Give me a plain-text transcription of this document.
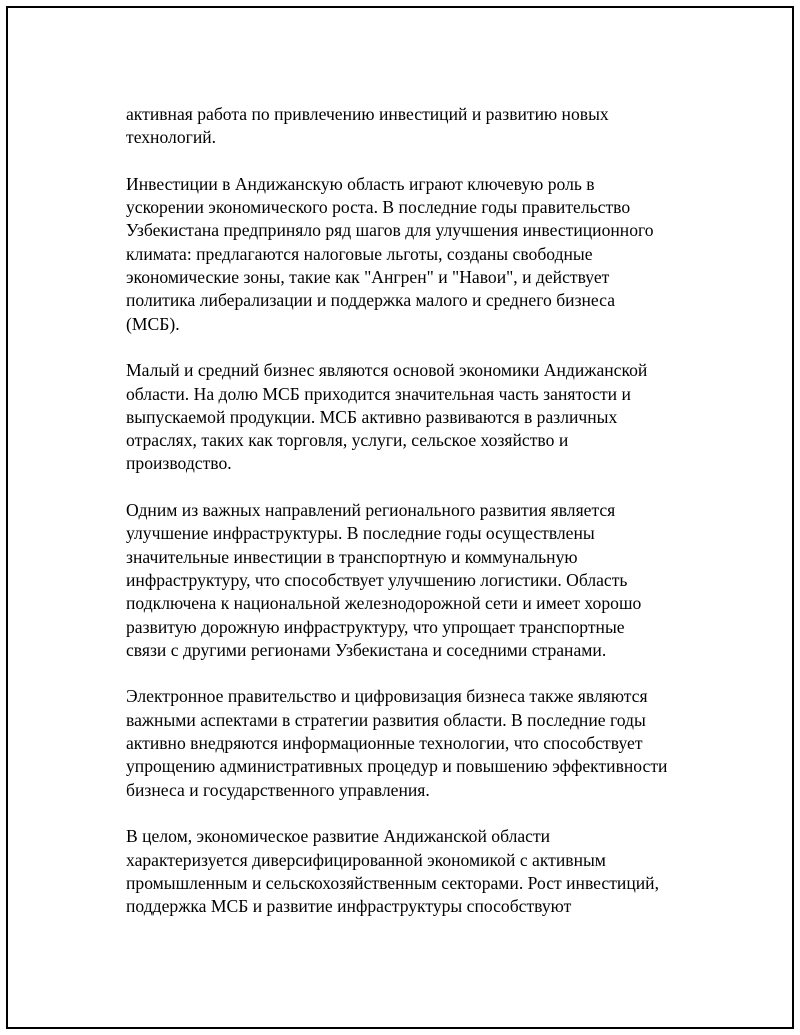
активная работа по привлечению инвестиций и развитию новых
технологий.

Инвестиции в Андижанскую область играют ключевую роль в
ускорении экономического роста. В последние годы правительство
Узбекистана предприняло ряд шагов для улучшения инвестиционного
климата: предлагаются налоговые льготы, созданы свободные
экономические зоны, такие как "Ангрен" и "Навои", и действует
политика либерализации и поддержка малого и среднего бизнеса
(МСБ).

Малый и средний бизнес являются основой экономики Андижанской
области. На долю МСБ приходится значительная часть занятости и
выпускаемой продукции. МСБ активно развиваются в различных
отраслях, таких как торговля, услуги, сельское хозяйство и
производство.

Одним из важных направлений регионального развития является
улучшение инфраструктуры. В последние годы осуществлены
значительные инвестиции в транспортную и коммунальную
инфраструктуру, что способствует улучшению логистики. Область
подключена к национальной железнодорожной сети и имеет хорошо
развитую дорожную инфраструктуру, что упрощает транспортные
связи с другими регионами Узбекистана и соседними странами.

Электронное правительство и цифровизация бизнеса также являются
важными аспектами в стратегии развития области. В последние годы
активно внедряются информационные технологии, что способствует
упрощению административных процедур и повышению эффективности
бизнеса и государственного управления.

В целом, экономическое развитие Андижанской области
характеризуется диверсифицированной экономикой с активным
промышленным и сельскохозяйственным секторами. Рост инвестиций,
поддержка МСБ и развитие инфраструктуры способствуют
